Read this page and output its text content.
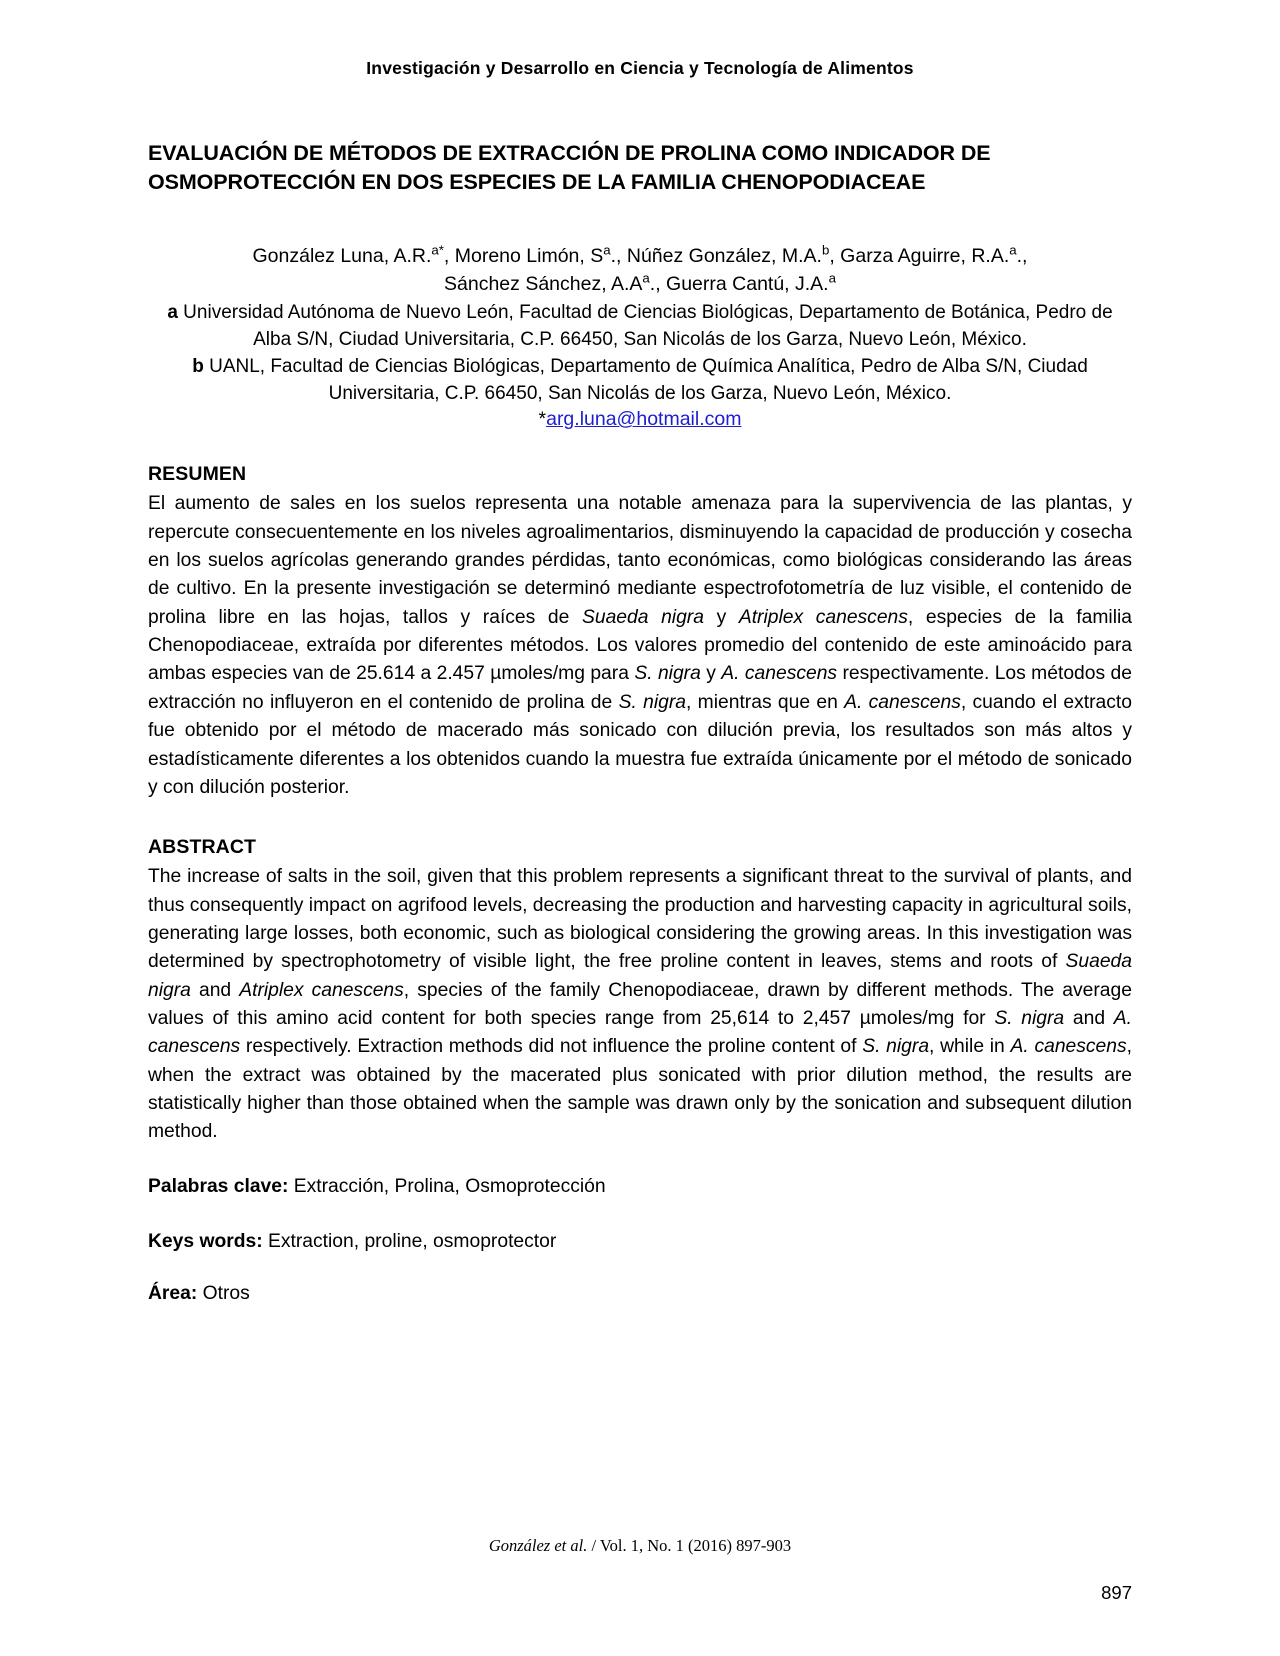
Investigación y Desarrollo en Ciencia y Tecnología de Alimentos
EVALUACIÓN DE MÉTODOS DE EXTRACCIÓN DE PROLINA COMO INDICADOR DE OSMOPROTECCIÓN EN DOS ESPECIES DE LA FAMILIA CHENOPODIACEAE
González Luna, A.R.$^{a*}$, Moreno Limón, $S^a$., Núñez González, M.A.$^b$, Garza Aguirre, R.A.$^a$.,
Sánchez Sánchez, $A.A^a$., Guerra Cantú, J.A.$^a$

a Universidad Autónoma de Nuevo León, Facultad de Ciencias Biológicas, Departamento de Botánica, Pedro de Alba S/N, Ciudad Universitaria, C.P. 66450, San Nicolás de los Garza, Nuevo León, México.

b UANL, Facultad de Ciencias Biológicas, Departamento de Química Analítica, Pedro de Alba S/N, Ciudad Universitaria, C.P. 66450, San Nicolás de los Garza, Nuevo León, México.

*arg.luna@hotmail.com
RESUMEN

El aumento de sales en los suelos representa una notable amenaza para la supervivencia de las plantas, y repercute consecuentemente en los niveles agroalimentarios, disminuyendo la capacidad de producción y cosecha en los suelos agrícolas generando grandes pérdidas, tanto económicas, como biológicas considerando las áreas de cultivo. En la presente investigación se determinó mediante espectrofotometría de luz visible, el contenido de prolina libre en las hojas, tallos y raíces de Suaeda nigra y Atriplex canescens, especies de la familia Chenopodiaceae, extraída por diferentes métodos. Los valores promedio del contenido de este aminoácido para ambas especies van de 25.614 a 2.457 µmoles/mg para S. nigra y A. canescens respectivamente. Los métodos de extracción no influyeron en el contenido de prolina de S. nigra, mientras que en A. canescens, cuando el extracto fue obtenido por el método de macerado más sonicado con dilución previa, los resultados son más altos y estadísticamente diferentes a los obtenidos cuando la muestra fue extraída únicamente por el método de sonicado y con dilución posterior.

ABSTRACT

The increase of salts in the soil, given that this problem represents a significant threat to the survival of plants, and thus consequently impact on agrifood levels, decreasing the production and harvesting capacity in agricultural soils, generating large losses, both economic, such as biological considering the growing areas. In this investigation was determined by spectrophotometry of visible light, the free proline content in leaves, stems and roots of Suaeda nigra and Atriplex canescens, species of the family Chenopodiaceae, drawn by different methods. The average values of this amino acid content for both species range from 25,614 to 2,457 µmoles/mg for S. nigra and A. canescens respectively. Extraction methods did not influence the proline content of S. nigra, while in A. canescens, when the extract was obtained by the macerated plus sonicated with prior dilution method, the results are statistically higher than those obtained when the sample was drawn only by the sonication and subsequent dilution method.

Palabras clave: Extracción, Prolina, Osmoprotección

Keys words: Extraction, proline, osmoprotector

Área: Otros

González et al. / Vol. 1, No. 1 (2016) 897-903
897
